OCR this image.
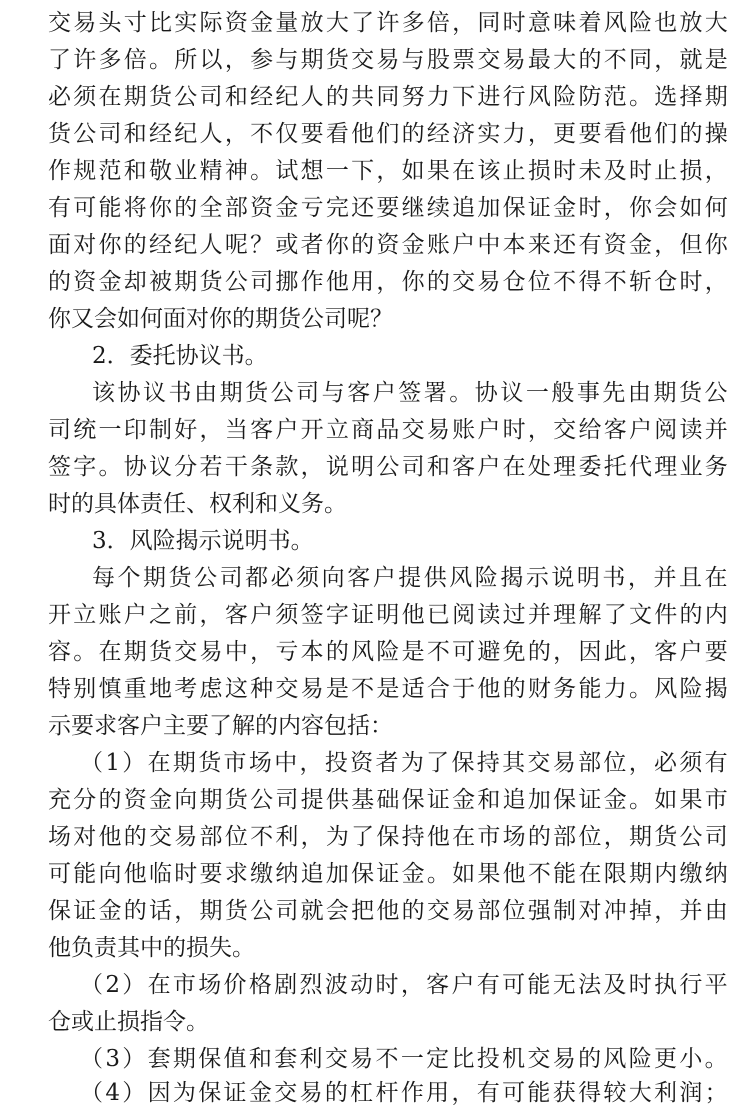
交易头寸比实际资金量放大了许多倍，同时意味着风险也放大
了许多倍。所以，参与期货交易与股票交易最大的不同，就是
必须在期货公司和经纪人的共同努力下进行风险防范。选择期
货公司和经纪人，不仅要看他们的经济实力，更要看他们的操
作规范和敬业精神。试想一下，如果在该止损时未及时止损，
有可能将你的全部资金亏完还要继续追加保证金时，你会如何
面对你的经纪人呢？或者你的资金账户中本来还有资金，但你
的资金却被期货公司挪作他用，你的交易仓位不得不斩仓时，
你又会如何面对你的期货公司呢？
2．委托协议书。
该协议书由期货公司与客户签署。协议一般事先由期货公
司统一印制好，当客户开立商品交易账户时，交给客户阅读并
签字。协议分若干条款，说明公司和客户在处理委托代理业务
时的具体责任、权利和义务。
3．风险揭示说明书。
每个期货公司都必须向客户提供风险揭示说明书，并且在
开立账户之前，客户须签字证明他已阅读过并理解了文件的内
容。在期货交易中，亏本的风险是不可避免的，因此，客户要
特别慎重地考虑这种交易是不是适合于他的财务能力。风险揭
示要求客户主要了解的内容包括：
（1）在期货市场中，投资者为了保持其交易部位，必须有
充分的资金向期货公司提供基础保证金和追加保证金。如果市
场对他的交易部位不利，为了保持他在市场的部位，期货公司
可能向他临时要求缴纳追加保证金。如果他不能在限期内缴纳
保证金的话，期货公司就会把他的交易部位强制对冲掉，并由
他负责其中的损失。
（2）在市场价格剧烈波动时，客户有可能无法及时执行平
仓或止损指令。
（3）套期保值和套利交易不一定比投机交易的风险更小。
（4）因为保证金交易的杠杆作用，有可能获得较大利润；
